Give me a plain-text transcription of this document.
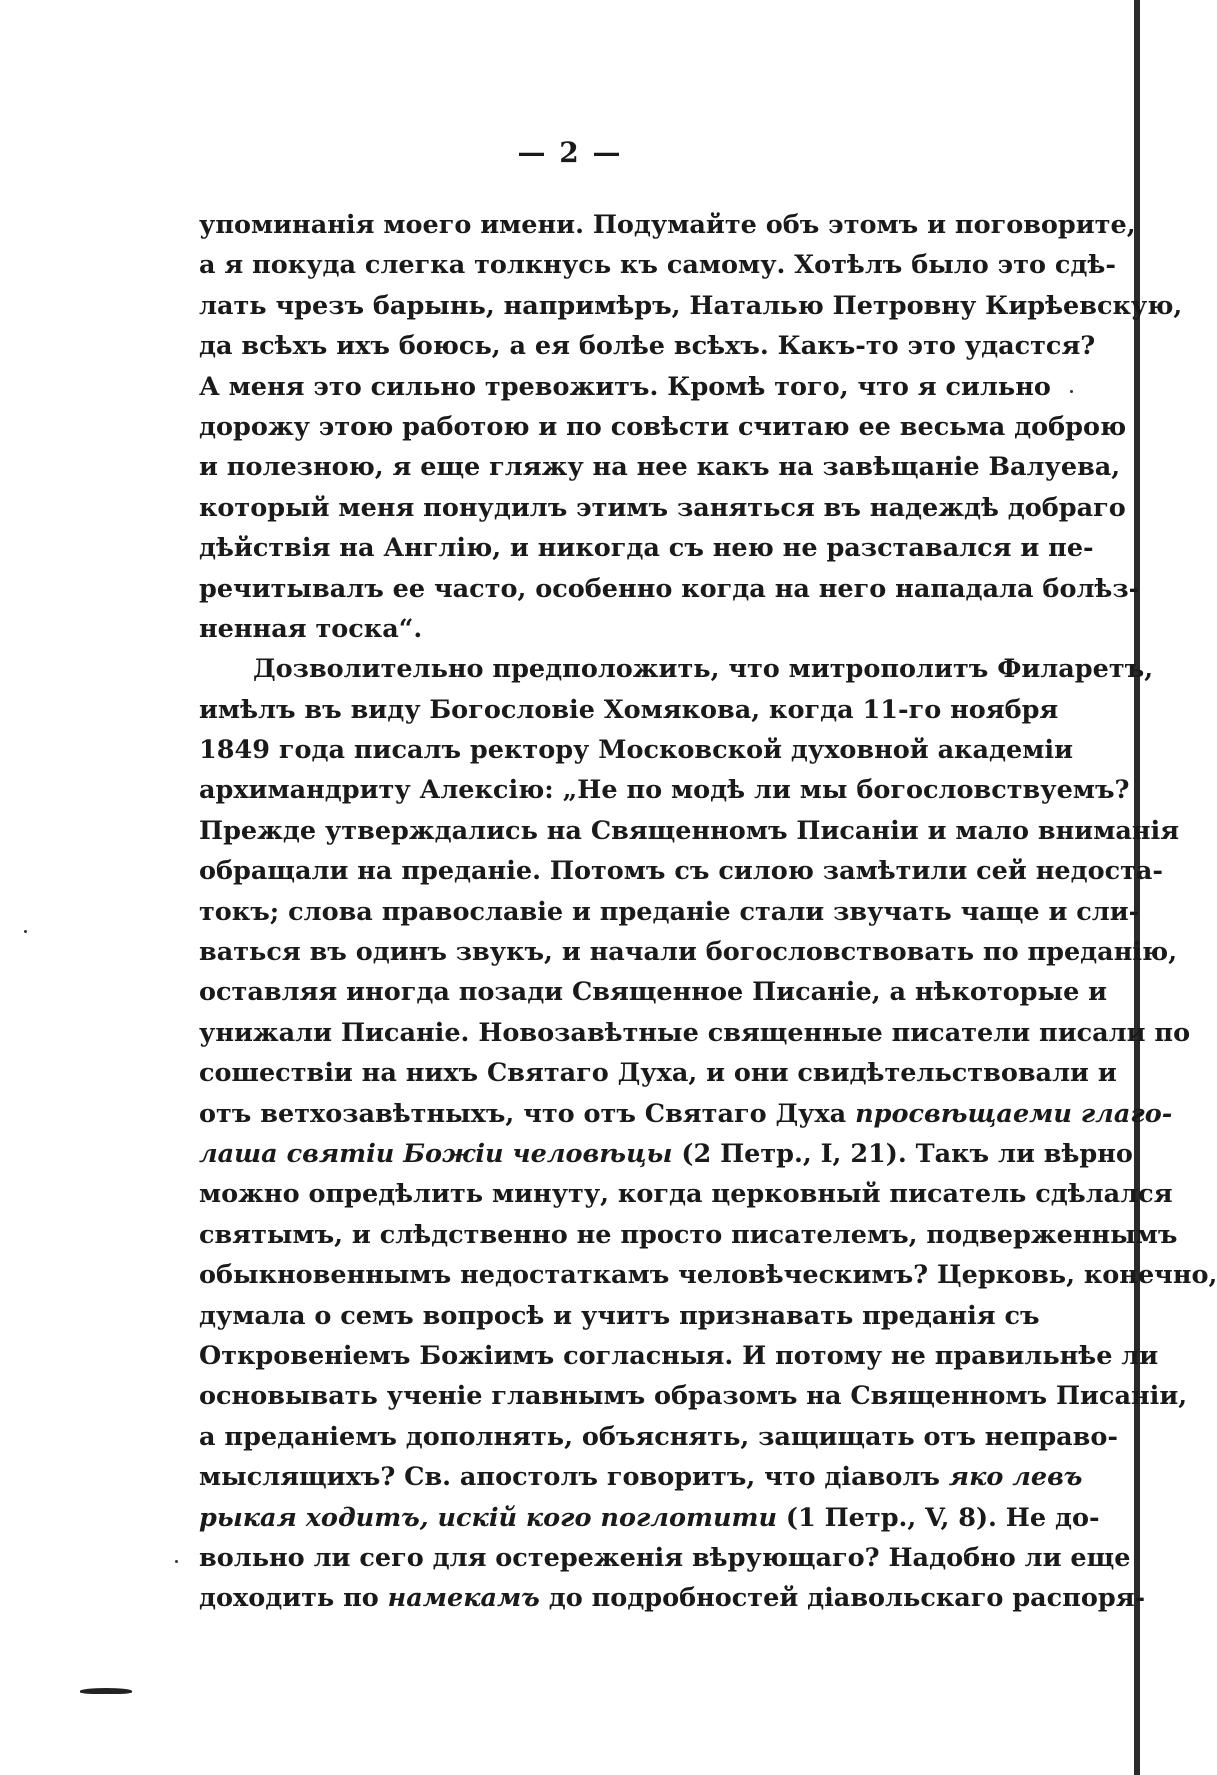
— 2 —
упоминанія моего имени. Подумайте объ этомъ и поговорите,
а я покуда слегка толкнусь къ самому. Хотѣлъ было это сдѣ-
лать чрезъ барынь, напримѣръ, Наталью Петровну Кирѣевскую,
да всѣхъ ихъ боюсь, а ея болѣе всѣхъ. Какъ-то это удастся?
А меня это сильно тревожитъ. Кромѣ того, что я сильно
дорожу этою работою и по совѣсти считаю ее весьма доброю
и полезною, я еще гляжу на нее какъ на завѣщаніе Валуева,
который меня понудилъ этимъ заняться въ надеждѣ добраго
дѣйствія на Англію, и никогда съ нею не разставался и пе-
речитывалъ ее часто, особенно когда на него нападала болѣз-
ненная тоска“.
Дозволительно предположить, что митрополитъ Филаретъ,
имѣлъ въ виду Богословіе Хомякова, когда 11-го ноября
1849 года писалъ ректору Московской духовной академіи
архимандриту Алексію: „Не по модѣ ли мы богословствуемъ?
Прежде утверждались на Священномъ Писаніи и мало вниманія
обращали на преданіе. Потомъ съ силою замѣтили сей недоста-
токъ; слова православіе и преданіе стали звучать чаще и сли-
ваться въ одинъ звукъ, и начали богословствовать по преданію,
оставляя иногда позади Священное Писаніе, а нѣкоторые и
унижали Писаніе. Новозавѣтные священные писатели писали по
сошествіи на нихъ Святаго Духа, и они свидѣтельствовали и
отъ ветхозавѣтныхъ, что отъ Святаго Духа просвѣщаеми глаго-
лаша святіи Божіи человѣцы (2 Петр., I, 21). Такъ ли вѣрно
можно опредѣлить минуту, когда церковный писатель сдѣлался
святымъ, и слѣдственно не просто писателемъ, подверженнымъ
обыкновеннымъ недостаткамъ человѣческимъ? Церковь, конечно,
думала о семъ вопросѣ и учитъ признавать преданія съ
Откровеніемъ Божіимъ согласныя. И потому не правильнѣе ли
основывать ученіе главнымъ образомъ на Священномъ Писаніи,
а преданіемъ дополнять, объяснять, защищать отъ неправо-
мыслящихъ? Св. апостолъ говоритъ, что діаволъ яко левъ
рыкая ходитъ, искій кого поглотити (1 Петр., V, 8). Не до-
вольно ли сего для остереженія вѣрующаго? Надобно ли еще
доходить по намекамъ до подробностей діавольскаго распоря-
